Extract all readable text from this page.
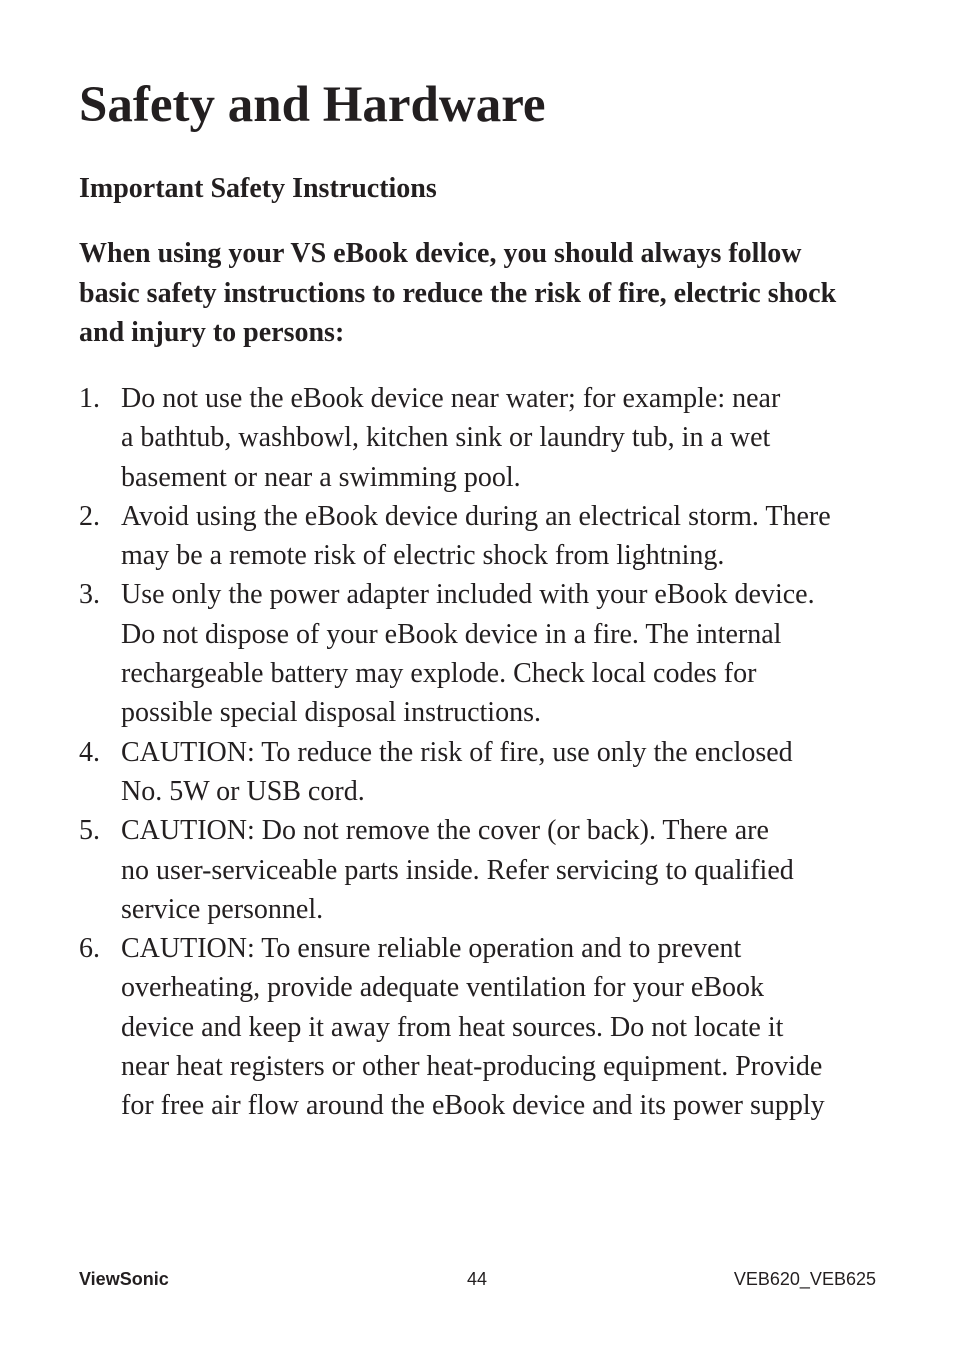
Safety and Hardware
Important Safety Instructions

When using your VS eBook device, you should always follow
basic safety instructions to reduce the risk of fire, electric shock
and injury to persons:

1. Do not use the eBook device near water; for example: near
a bathtub, washbowl, kitchen sink or laundry tub, in a wet
basement or near a swimming pool.
2. Avoid using the eBook device during an electrical storm. There
may be a remote risk of electric shock from lightning.
3. Use only the power adapter included with your eBook device.
Do not dispose of your eBook device in a fire. The internal
rechargeable battery may explode. Check local codes for
possible special disposal instructions.
4. CAUTION: To reduce the risk of fire, use only the enclosed
No. 5W or USB cord.
5. CAUTION: Do not remove the cover (or back). There are
no user-serviceable parts inside. Refer servicing to qualified
service personnel.
6. CAUTION: To ensure reliable operation and to prevent
overheating, provide adequate ventilation for your eBook
device and keep it away from heat sources. Do not locate it
near heat registers or other heat-producing equipment. Provide
for free air flow around the eBook device and its power supply
ViewSonic	44	VEB620_VEB625
